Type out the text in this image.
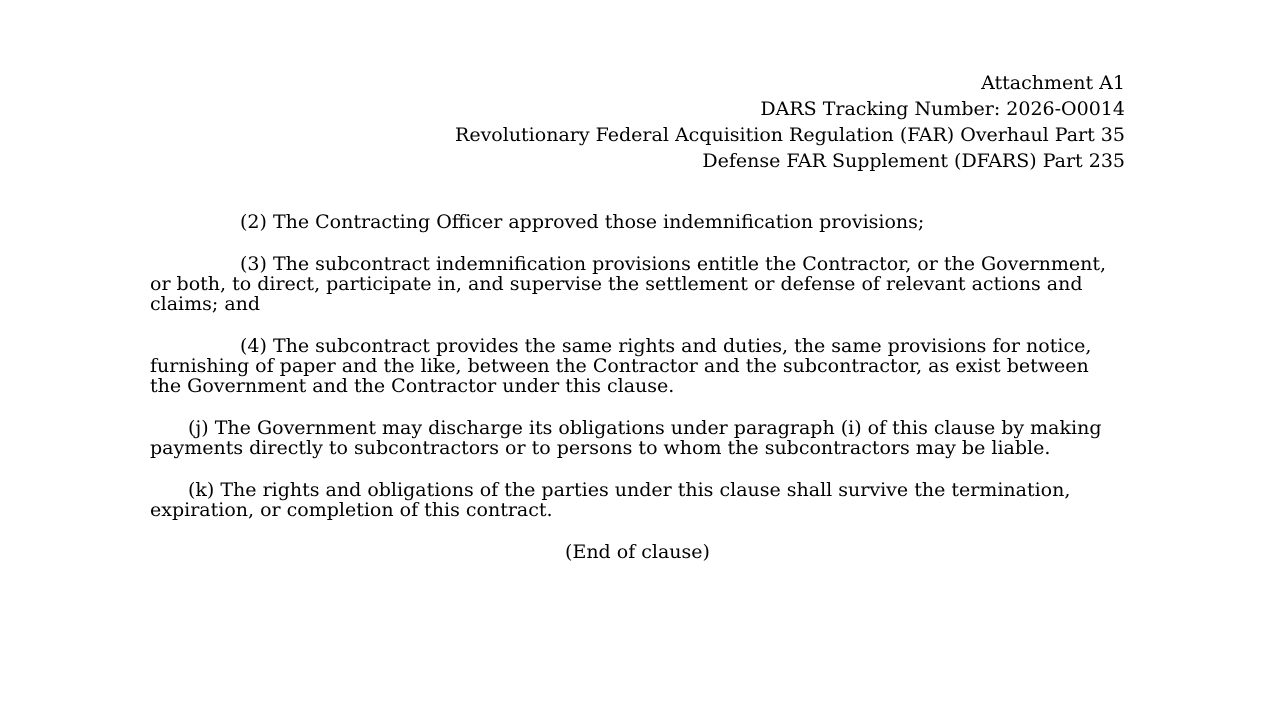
Attachment A1
DARS Tracking Number: 2026-O0014
Revolutionary Federal Acquisition Regulation (FAR) Overhaul Part 35
Defense FAR Supplement (DFARS) Part 235

(2) The Contracting Officer approved those indemnification provisions;

(3) The subcontract indemnification provisions entitle the Contractor, or the Government, or both, to direct, participate in, and supervise the settlement or defense of relevant actions and claims; and

(4) The subcontract provides the same rights and duties, the same provisions for notice, furnishing of paper and the like, between the Contractor and the subcontractor, as exist between the Government and the Contractor under this clause.

(j) The Government may discharge its obligations under paragraph (i) of this clause by making payments directly to subcontractors or to persons to whom the subcontractors may be liable.

(k) The rights and obligations of the parties under this clause shall survive the termination, expiration, or completion of this contract.

(End of clause)
